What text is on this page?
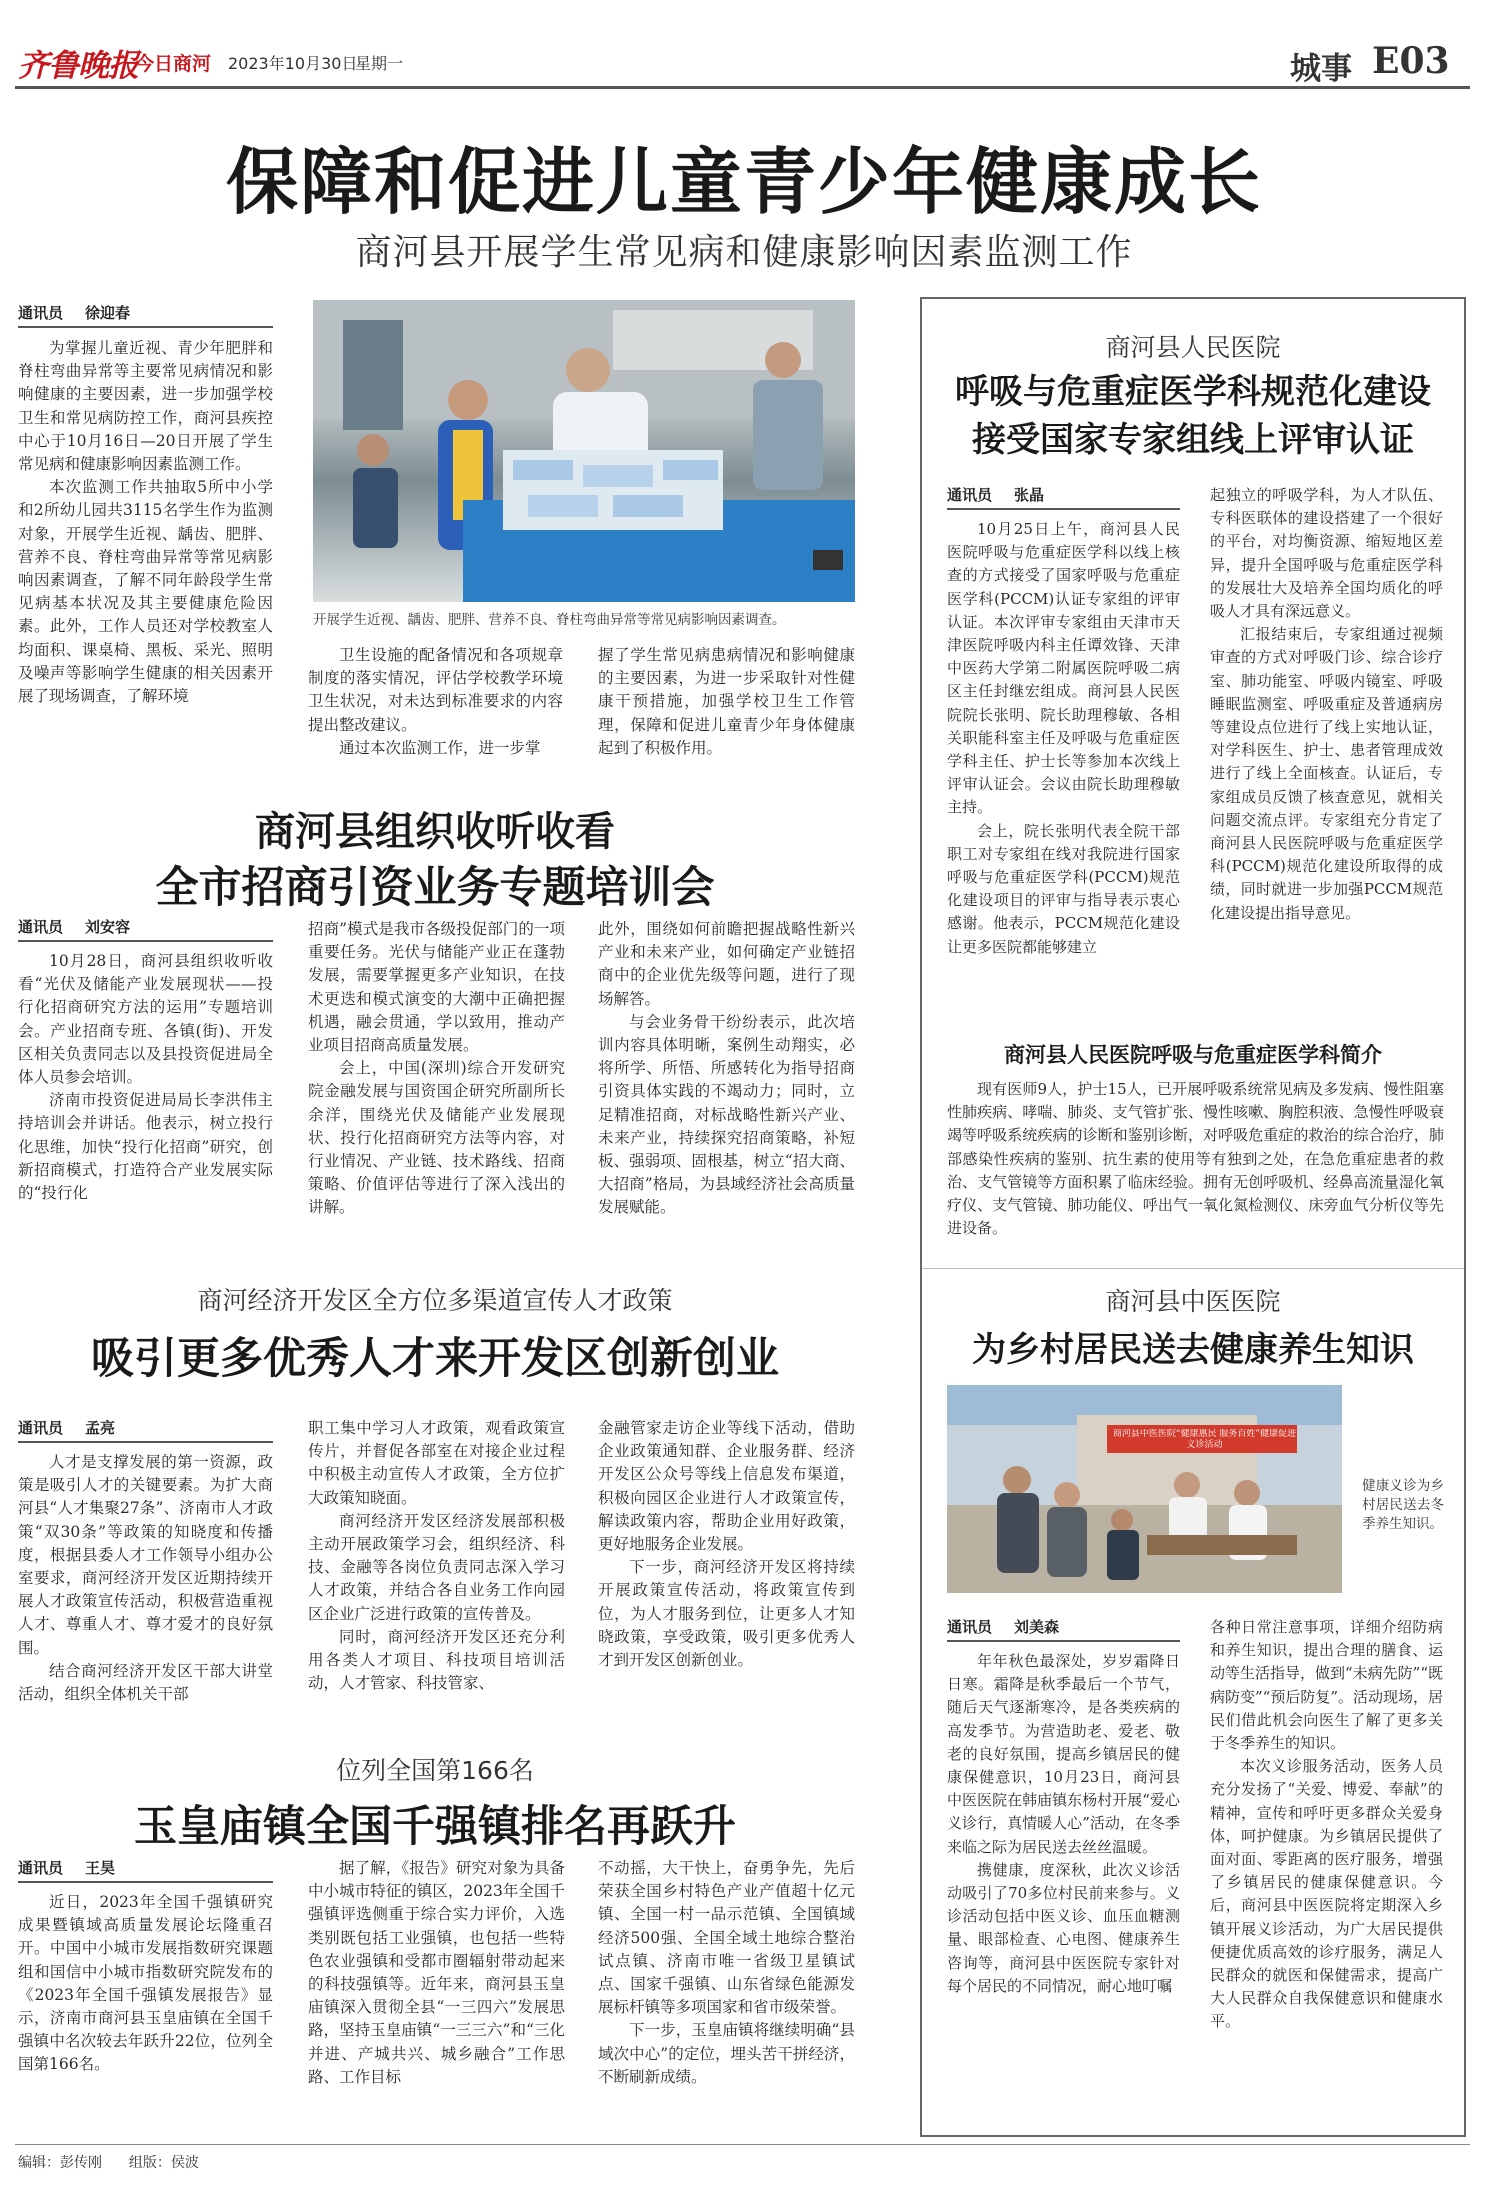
齐鲁晚报
今日商河 2023年10月30日
星期一	城事 E03
保障和促进儿童青少年健康成长
商河县开展学生常见病和健康影响因素监测工作
通讯员 徐迎春

为掌握儿童近视、青少年肥胖和脊柱弯曲异常等主要常见病情况和影响健康的主要因素，进一步加强学校卫生和常见病防控工作，商河县疾控中心于10月16日—20日开展了学生常见病和健康影响因素监测工作。

本次监测工作共抽取5所中小学和2所幼儿园共3115名学生作为监测对象，开展学生近视、龋齿、肥胖、营养不良、脊柱弯曲异常等常见病影响因素调查，了解不同年龄段学生常见病基本状况及其主要健康危险因素。此外，工作人员还对学校教室人均面积、课桌椅、黑板、采光、照明及噪声等影响学生健康的相关因素开展了现场调查，了解环境

开展学生近视、龋齿、肥胖、营养不良、脊柱弯曲异常等常见病影响因素调查。

卫生设施的配备情况和各项规章制度的落实情况，评估学校教学环境卫生状况，对未达到标准要求的内容提出整改建议。

通过本次监测工作，进一步掌

握了学生常见病患病情况和影响健康的主要因素，为进一步采取针对性健康干预措施，加强学校卫生工作管理，保障和促进儿童青少年身体健康起到了积极作用。

商河县组织收听收看
全市招商引资业务专题培训会
通讯员 刘安容

10月28日，商河县组织收听收看“光伏及储能产业发展现状——投行化招商研究方法的运用”专题培训会。产业招商专班、各镇(街)、开发区相关负责同志以及县投资促进局全体人员参会培训。

济南市投资促进局局长李洪伟主持培训会并讲话。他表示，树立投行化思维，加快“投行化招商”研究，创新招商模式，打造符合产业发展实际的“投行化

招商”模式是我市各级投促部门的一项重要任务。光伏与储能产业正在蓬勃发展，需要掌握更多产业知识，在技术更迭和模式演变的大潮中正确把握机遇，融会贯通，学以致用，推动产业项目招商高质量发展。

会上，中国(深圳)综合开发研究院金融发展与国资国企研究所副所长余洋，围绕光伏及储能产业发展现状、投行化招商研究方法等内容，对行业情况、产业链、技术路线、招商策略、价值评估等进行了深入浅出的讲解。

此外，围绕如何前瞻把握战略性新兴产业和未来产业，如何确定产业链招商中的企业优先级等问题，进行了现场解答。

与会业务骨干纷纷表示，此次培训内容具体明晰，案例生动翔实，必将所学、所悟、所感转化为指导招商引资具体实践的不竭动力；同时，立足精准招商，对标战略性新兴产业、未来产业，持续探究招商策略，补短板、强弱项、固根基，树立“招大商、大招商”格局，为县域经济社会高质量发展赋能。

商河经济开发区全方位多渠道宣传人才政策
吸引更多优秀人才来开发区创新创业
通讯员 孟亮

人才是支撑发展的第一资源，政策是吸引人才的关键要素。为扩大商河县“人才集聚27条”、济南市人才政策“双30条”等政策的知晓度和传播度，根据县委人才工作领导小组办公室要求，商河经济开发区近期持续开展人才政策宣传活动，积极营造重视人才、尊重人才、尊才爱才的良好氛围。

结合商河经济开发区干部大讲堂活动，组织全体机关干部

职工集中学习人才政策，观看政策宣传片，并督促各部室在对接企业过程中积极主动宣传人才政策，全方位扩大政策知晓面。

商河经济开发区经济发展部积极主动开展政策学习会，组织经济、科技、金融等各岗位负责同志深入学习人才政策，并结合各自业务工作向园区企业广泛进行政策的宣传普及。

同时，商河经济开发区还充分利用各类人才项目、科技项目培训活动，人才管家、科技管家、

金融管家走访企业等线下活动，借助企业政策通知群、企业服务群、经济开发区公众号等线上信息发布渠道，积极向园区企业进行人才政策宣传，解读政策内容，帮助企业用好政策，更好地服务企业发展。

下一步，商河经济开发区将持续开展政策宣传活动，将政策宣传到位，为人才服务到位，让更多人才知晓政策，享受政策，吸引更多优秀人才到开发区创新创业。

位列全国第166名
玉皇庙镇全国千强镇排名再跃升
通讯员 王昊

近日，2023年全国千强镇研究成果暨镇域高质量发展论坛隆重召开。中国中小城市发展指数研究课题组和国信中小城市指数研究院发布的《2023年全国千强镇发展报告》显示，济南市商河县玉皇庙镇在全国千强镇中名次较去年跃升22位，位列全国第166名。

据了解，《报告》研究对象为具备中小城市特征的镇区，2023年全国千强镇评选侧重于综合实力评价，入选类别既包括工业强镇，也包括一些特色农业强镇和受都市圈辐射带动起来的科技强镇等。近年来，商河县玉皇庙镇深入贯彻全县“一三四六”发展思路，坚持玉皇庙镇“一三三六”和“三化并进、产城共兴、城乡融合”工作思路、工作目标

不动摇，大干快上，奋勇争先，先后荣获全国乡村特色产业产值超十亿元镇、全国一村一品示范镇、全国镇域经济500强、全国全域土地综合整治试点镇、济南市唯一省级卫星镇试点、国家千强镇、山东省绿色能源发展标杆镇等多项国家和省市级荣誉。

下一步，玉皇庙镇将继续明确“县域次中心”的定位，埋头苦干拼经济，不断刷新成绩。

商河县人民医院
呼吸与危重症医学科规范化建设
接受国家专家组线上评审认证
通讯员 张晶

10月25日上午，商河县人民医院呼吸与危重症医学科以线上核查的方式接受了国家呼吸与危重症医学科(PCCM)认证专家组的评审认证。本次评审专家组由天津市天津医院呼吸内科主任谭效锋、天津中医药大学第二附属医院呼吸二病区主任封继宏组成。商河县人民医院院长张明、院长助理穆敏、各相关职能科室主任及呼吸与危重症医学科主任、护士长等参加本次线上评审认证会。会议由院长助理穆敏主持。

会上，院长张明代表全院干部职工对专家组在线对我院进行国家呼吸与危重症医学科(PCCM)规范化建设项目的评审与指导表示衷心感谢。他表示，PCCM规范化建设让更多医院都能够建立

起独立的呼吸学科，为人才队伍、专科医联体的建设搭建了一个很好的平台，对均衡资源、缩短地区差异，提升全国呼吸与危重症医学科的发展壮大及培养全国均质化的呼吸人才具有深远意义。

汇报结束后，专家组通过视频审查的方式对呼吸门诊、综合诊疗室、肺功能室、呼吸内镜室、呼吸睡眠监测室、呼吸重症及普通病房等建设点位进行了线上实地认证，对学科医生、护士、患者管理成效进行了线上全面核查。认证后，专家组成员反馈了核查意见，就相关问题交流点评。专家组充分肯定了商河县人民医院呼吸与危重症医学科(PCCM)规范化建设所取得的成绩，同时就进一步加强PCCM规范化建设提出指导意见。

商河县人民医院呼吸与危重症医学科简介

现有医师9人，护士15人，已开展呼吸系统常见病及多发病、慢性阻塞性肺疾病、哮喘、肺炎、支气管扩张、慢性咳嗽、胸腔积液、急慢性呼吸衰竭等呼吸系统疾病的诊断和鉴别诊断，对呼吸危重症的救治的综合治疗，肺部感染性疾病的鉴别、抗生素的使用等有独到之处，在急危重症患者的救治、支气管镜等方面积累了临床经验。拥有无创呼吸机、经鼻高流量湿化氧疗仪、支气管镜、肺功能仪、呼出气一氧化氮检测仪、床旁血气分析仪等先进设备。

商河县中医医院
为乡村居民送去健康养生知识
商河县中医医院“健康惠民 服务百姓”健康促进义诊活动
健康义诊为乡村居民送去冬季养生知识。
通讯员 刘美森

年年秋色最深处，岁岁霜降日日寒。霜降是秋季最后一个节气，随后天气逐渐寒冷，是各类疾病的高发季节。为营造助老、爱老、敬老的良好氛围，提高乡镇居民的健康保健意识，10月23日，商河县中医医院在韩庙镇东杨村开展“爱心义诊行，真情暖人心”活动，在冬季来临之际为居民送去丝丝温暖。

携健康，度深秋，此次义诊活动吸引了70多位村民前来参与。义诊活动包括中医义诊、血压血糖测量、眼部检查、心电图、健康养生咨询等，商河县中医医院专家针对每个居民的不同情况，耐心地叮嘱

各种日常注意事项，详细介绍防病和养生知识，提出合理的膳食、运动等生活指导，做到“未病先防”“既病防变”“预后防复”。活动现场，居民们借此机会向医生了解了更多关于冬季养生的知识。

本次义诊服务活动，医务人员充分发扬了“关爱、博爱、奉献”的精神，宣传和呼吁更多群众关爱身体，呵护健康。为乡镇居民提供了面对面、零距离的医疗服务，增强了乡镇居民的健康保健意识。今后，商河县中医医院将定期深入乡镇开展义诊活动，为广大居民提供便捷优质高效的诊疗服务，满足人民群众的就医和保健需求，提高广大人民群众自我保健意识和健康水平。

编辑：彭传刚 组版：侯波
